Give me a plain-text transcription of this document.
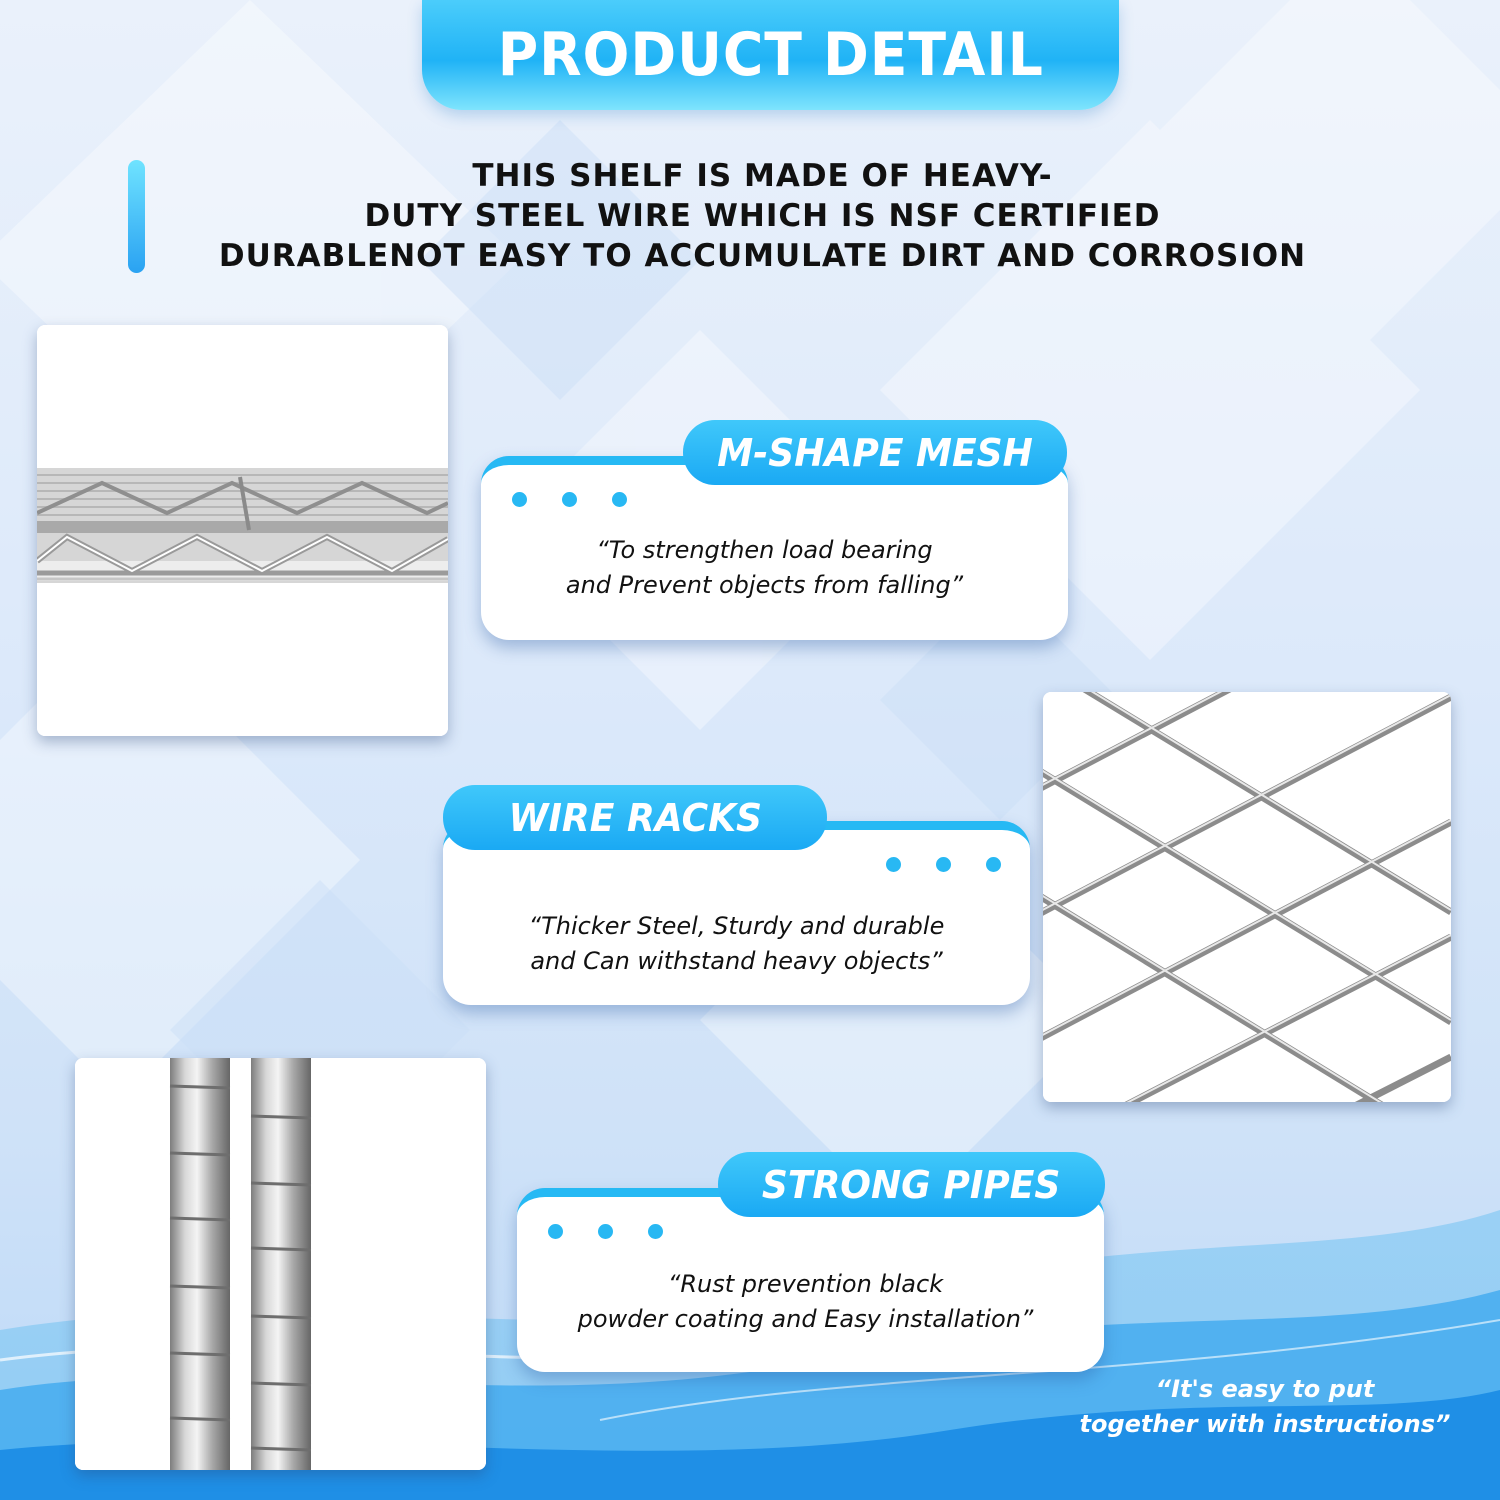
PRODUCT DETAIL
THIS SHELF IS MADE OF HEAVY-
DUTY STEEL WIRE WHICH IS NSF CERTIFIED
DURABLENOT EASY TO ACCUMULATE DIRT AND CORROSION
“To strengthen load bearing
and Prevent objects from falling”
M-SHAPE MESH
“Thicker Steel, Sturdy and durable
and Can withstand heavy objects”
WIRE RACKS
“Rust prevention black
powder coating and Easy installation”
STRONG PIPES
“It's easy to put
together with instructions”
